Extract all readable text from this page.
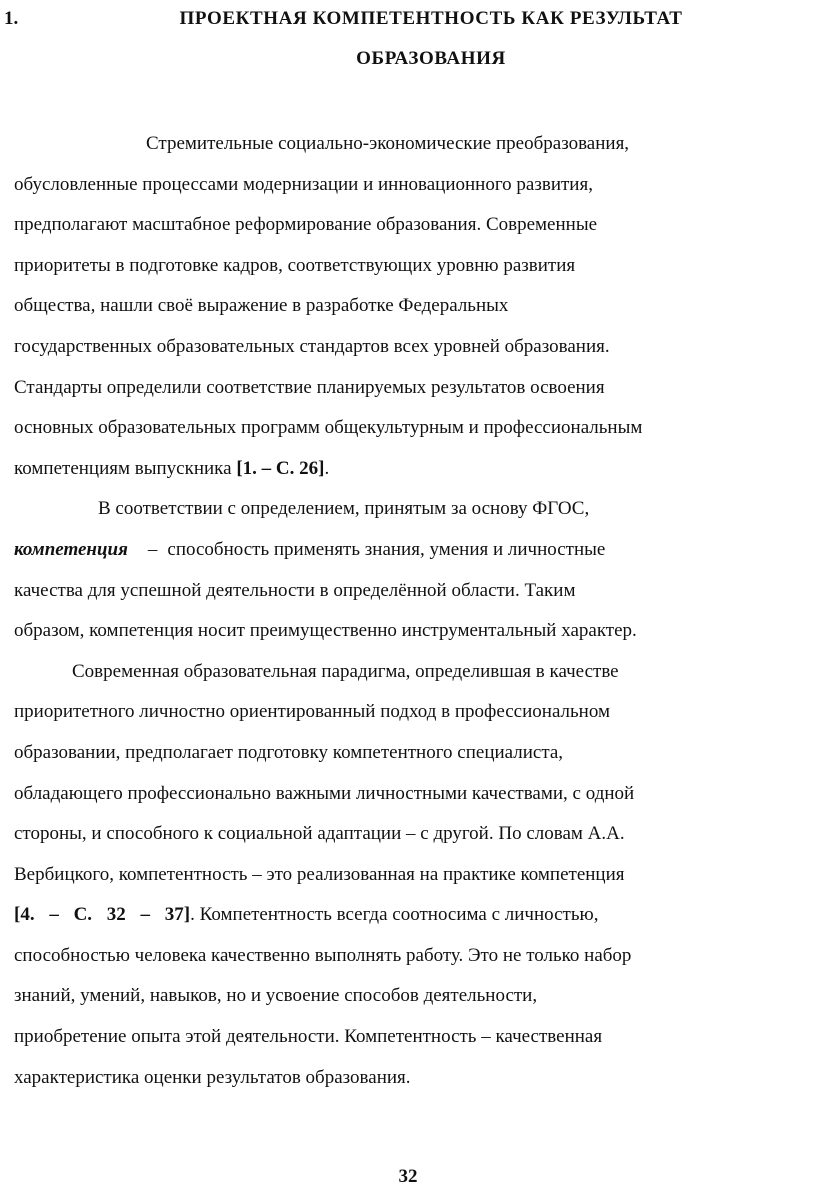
1.	ПРОЕКТНАЯ КОМПЕТЕНТНОСТЬ КАК РЕЗУЛЬТАТ
ОБРАЗОВАНИЯ
Стремительные социально-экономические преобразования,
обусловленные процессами модернизации и инновационного развития,
предполагают масштабное реформирование образования. Современные
приоритеты в подготовке кадров, соответствующих уровню развития
общества, нашли своё выражение в разработке Федеральных
государственных образовательных стандартов всех уровней образования.
Стандарты определили соответствие планируемых результатов освоения
основных образовательных программ общекультурным и профессиональным
компетенциям выпускника [1. – С. 26].
В соответствии с определением, принятым за основу ФГОС,
компетенция – способность применять знания, умения и личностные
качества для успешной деятельности в определённой области. Таким
образом, компетенция носит преимущественно инструментальный характер.
Современная образовательная парадигма, определившая в качестве
приоритетного личностно ориентированный подход в профессиональном
образовании, предполагает подготовку компетентного специалиста,
обладающего профессионально важными личностными качествами, с одной
стороны, и способного к социальной адаптации – с другой. По словам А.А.
Вербицкого, компетентность – это реализованная на практике компетенция
[4. – С. 32 – 37]. Компетентность всегда соотносима с личностью,
способностью человека качественно выполнять работу. Это не только набор
знаний, умений, навыков, но и усвоение способов деятельности,
приобретение опыта этой деятельности. Компетентность – качественная
характеристика оценки результатов образования.
32
